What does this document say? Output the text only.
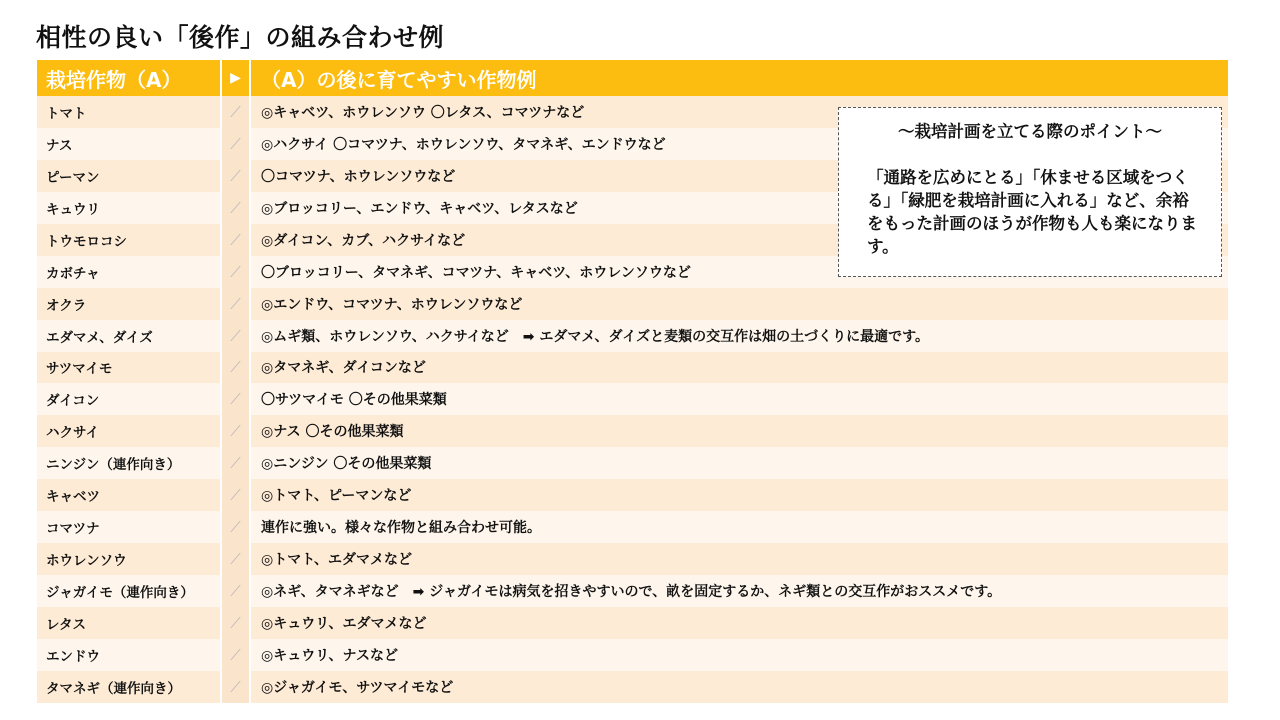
相性の良い「後作」の組み合わせ例
栽培作物（A）	▶	（A）の後に育てやすい作物例
トマト	⟋	◎キャベツ、ホウレンソウ 〇レタス、コマツナなど
ナス	⟋	◎ハクサイ 〇コマツナ、ホウレンソウ、タマネギ、エンドウなど
ピーマン	⟋	〇コマツナ、ホウレンソウなど
キュウリ	⟋	◎ブロッコリー、エンドウ、キャベツ、レタスなど
トウモロコシ	⟋	◎ダイコン、カブ、ハクサイなど
カボチャ	⟋	〇ブロッコリー、タマネギ、コマツナ、キャベツ、ホウレンソウなど
オクラ	⟋	◎エンドウ、コマツナ、ホウレンソウなど
エダマメ、ダイズ	⟋	◎ムギ類、ホウレンソウ、ハクサイなど　➡ エダマメ、ダイズと麦類の交互作は畑の土づくりに最適です。
サツマイモ	⟋	◎タマネギ、ダイコンなど
ダイコン	⟋	〇サツマイモ 〇その他果菜類
ハクサイ	⟋	◎ナス 〇その他果菜類
ニンジン（連作向き）	⟋	◎ニンジン 〇その他果菜類
キャベツ	⟋	◎トマト、ピーマンなど
コマツナ	⟋	連作に強い。様々な作物と組み合わせ可能。
ホウレンソウ	⟋	◎トマト、エダマメなど
ジャガイモ（連作向き）	⟋	◎ネギ、タマネギなど　➡ ジャガイモは病気を招きやすいので、畝を固定するか、ネギ類との交互作がおススメです。
レタス	⟋	◎キュウリ、エダマメなど
エンドウ	⟋	◎キュウリ、ナスなど
タマネギ（連作向き）	⟋	◎ジャガイモ、サツマイモなど
～栽培計画を立てる際のポイント～
「通路を広めにとる」「休ませる区域をつくる」「緑肥を栽培計画に入れる」など、余裕をもった計画のほうが作物も人も楽になります。
